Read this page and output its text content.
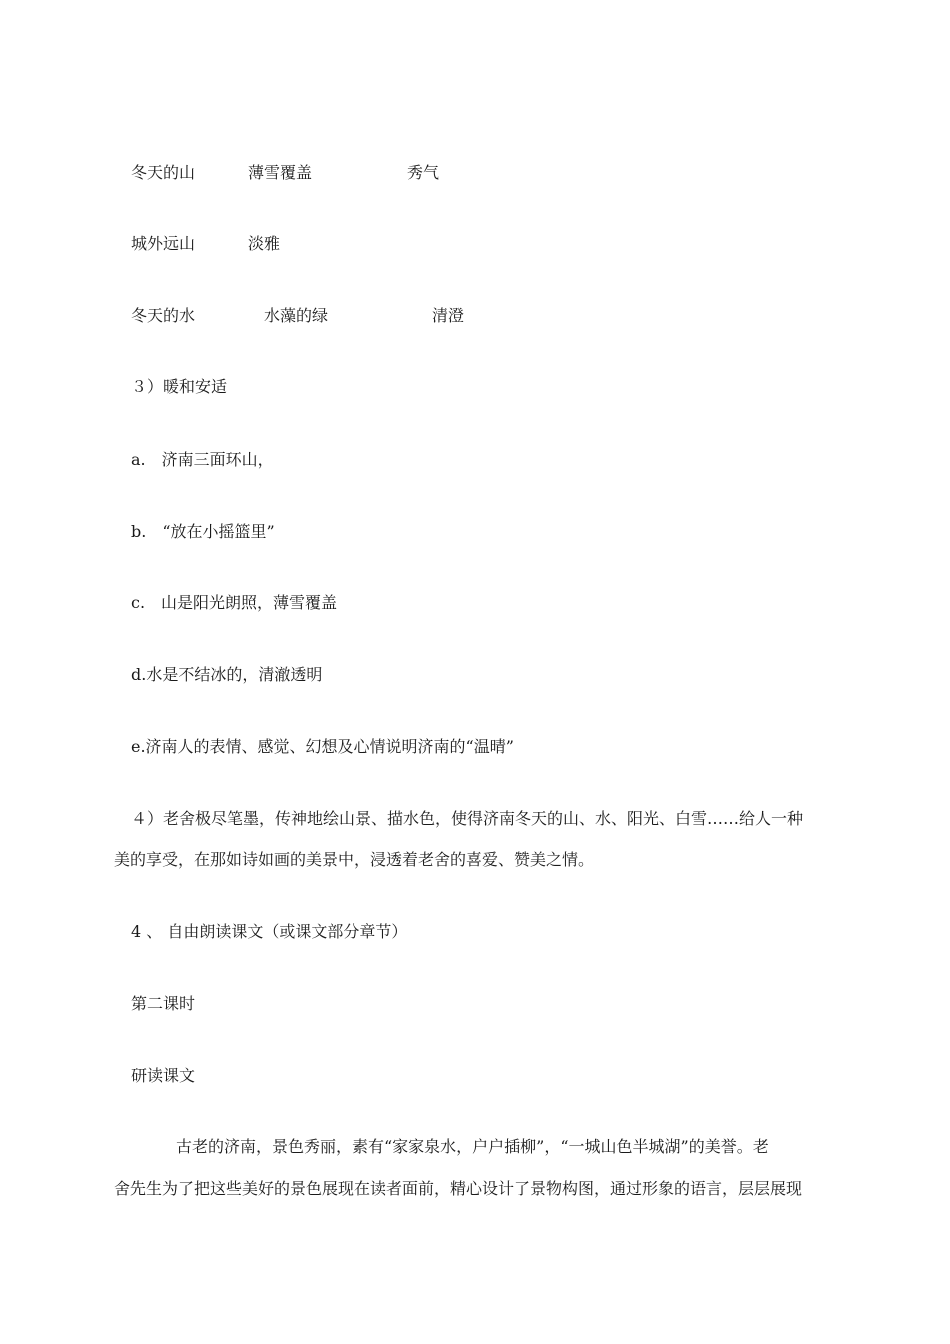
冬天的山	薄雪覆盖	秀气
城外远山	淡雅
冬天的水	水藻的绿	清澄
３）暖和安适
a.　济南三面环山，
b.　“放在小摇篮里”
c.　山是阳光朗照，薄雪覆盖
d.水是不结冰的，清澈透明
e.济南人的表情、感觉、幻想及心情说明济南的“温晴”
４）老舍极尽笔墨，传神地绘山景、描水色，使得济南冬天的山、水、阳光、白雪……给人一种
美的享受，在那如诗如画的美景中，浸透着老舍的喜爱、赞美之情。
4 、 自由朗读课文（或课文部分章节）
第二课时
研读课文
古老的济南，景色秀丽，素有“家家泉水，户户插柳”，“一城山色半城湖”的美誉。老
舍先生为了把这些美好的景色展现在读者面前，精心设计了景物构图，通过形象的语言，层层展现
